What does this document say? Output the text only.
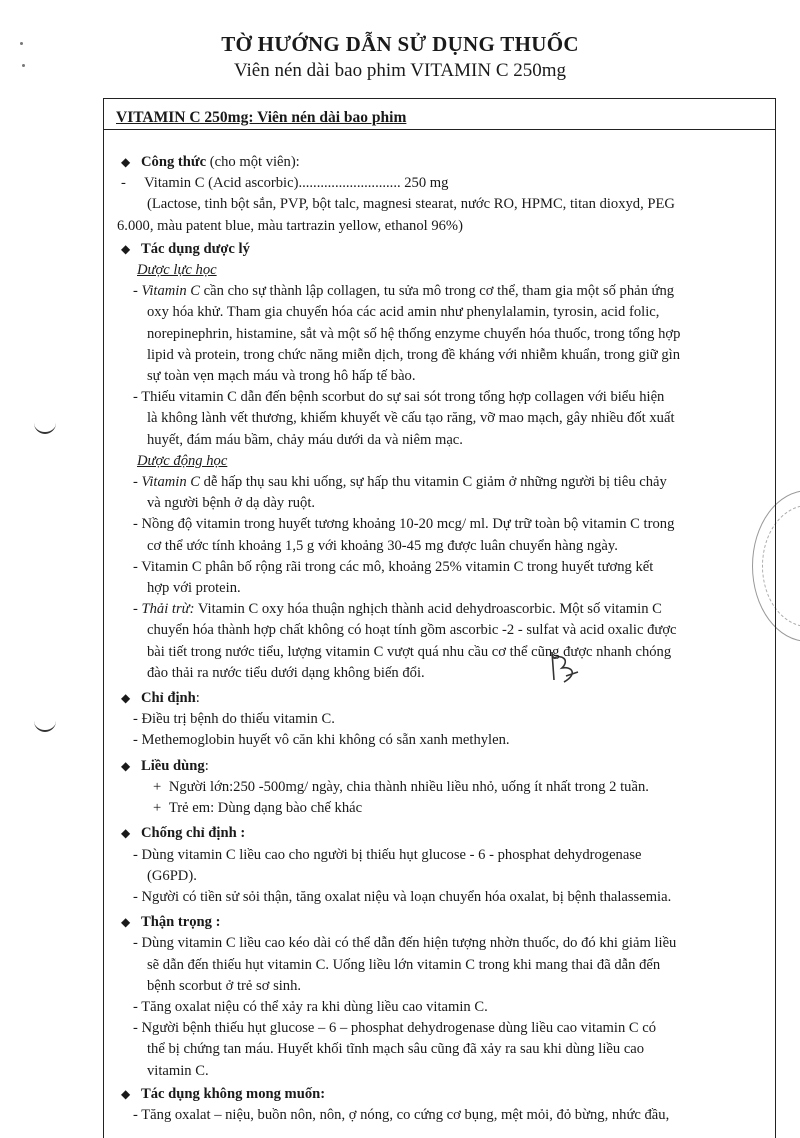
TỜ HƯỚNG DẪN SỬ DỤNG THUỐC
Viên nén dài bao phim VITAMIN C 250mg
VITAMIN C 250mg: Viên nén dài bao phim
◆ Công thức (cho một viên):
-     Vitamin C (Acid ascorbic)............................ 250 mg
(Lactose, tinh bột sắn, PVP, bột talc, magnesi stearat, nước RO, HPMC, titan dioxyd, PEG
6.000, màu patent blue, màu tartrazin yellow, ethanol 96%)
◆ Tác dụng dược lý
Dược lực học
- Vitamin C cần cho sự thành lập collagen, tu sửa mô trong cơ thể, tham gia một số phản ứng
oxy hóa khử. Tham gia chuyển hóa các acid amin như phenylalamin, tyrosin, acid folic,
norepinephrin, histamine, sắt và một số hệ thống enzyme chuyển hóa thuốc, trong tổng hợp
lipid và protein, trong chức năng miễn dịch, trong đề kháng với nhiễm khuẩn, trong giữ gìn
sự toàn vẹn mạch máu và trong hô hấp tế bào.
- Thiếu vitamin C dẫn đến bệnh scorbut do sự sai sót trong tổng hợp collagen với biểu hiện
là không lành vết thương, khiếm khuyết về cấu tạo răng, vỡ mao mạch, gây nhiều đốt xuất
huyết, đám máu bầm, chảy máu dưới da và niêm mạc.
Dược động học
- Vitamin C dễ hấp thụ sau khi uống, sự hấp thu vitamin C giảm ở những người bị tiêu chảy
và người bệnh ở dạ dày ruột.
- Nồng độ vitamin trong huyết tương khoảng 10-20 mcg/ ml. Dự trữ toàn bộ vitamin C trong
cơ thể ước tính khoảng 1,5 g với khoảng 30-45 mg được luân chuyển hàng ngày.
- Vitamin C phân bố rộng rãi trong các mô, khoảng 25% vitamin C trong huyết tương kết
hợp với protein.
- Thải trừ: Vitamin C oxy hóa thuận nghịch thành acid dehydroascorbic. Một số vitamin C
chuyển hóa thành hợp chất không có hoạt tính gồm ascorbic -2 - sulfat và acid oxalic được
bài tiết trong nước tiểu, lượng vitamin C vượt quá nhu cầu cơ thể cũng được nhanh chóng
đào thải ra nước tiểu dưới dạng không biến đổi.
◆ Chỉ định:
- Điều trị bệnh do thiếu vitamin C.
- Methemoglobin huyết vô căn khi không có sẵn xanh methylen.
◆ Liều dùng:
+ Người lớn:250 -500mg/ ngày, chia thành nhiều liều nhỏ, uống ít nhất trong 2 tuần.
+ Trẻ em: Dùng dạng bào chế khác
◆ Chống chỉ định :
- Dùng vitamin C liều cao cho người bị thiếu hụt glucose - 6 - phosphat dehydrogenase
(G6PD).
- Người có tiền sử sỏi thận, tăng oxalat niệu và loạn chuyển hóa oxalat, bị bệnh thalassemia.
◆ Thận trọng :
- Dùng vitamin C liều cao kéo dài có thể dẫn đến hiện tượng nhờn thuốc, do đó khi giảm liều
sẽ dẫn đến thiếu hụt vitamin C. Uống liều lớn vitamin C trong khi mang thai đã dẫn đến
bệnh scorbut ở trẻ sơ sinh.
- Tăng oxalat niệu có thể xảy ra khi dùng liều cao vitamin C.
- Người bệnh thiếu hụt glucose – 6 – phosphat dehydrogenase dùng liều cao vitamin C có
thể bị chứng tan máu. Huyết khối tĩnh mạch sâu cũng đã xảy ra sau khi dùng liều cao
vitamin C.
◆ Tác dụng không mong muốn:
- Tăng oxalat – niệu, buồn nôn, nôn, ợ nóng, co cứng cơ bụng, mệt mỏi, đỏ bừng, nhức đầu,
